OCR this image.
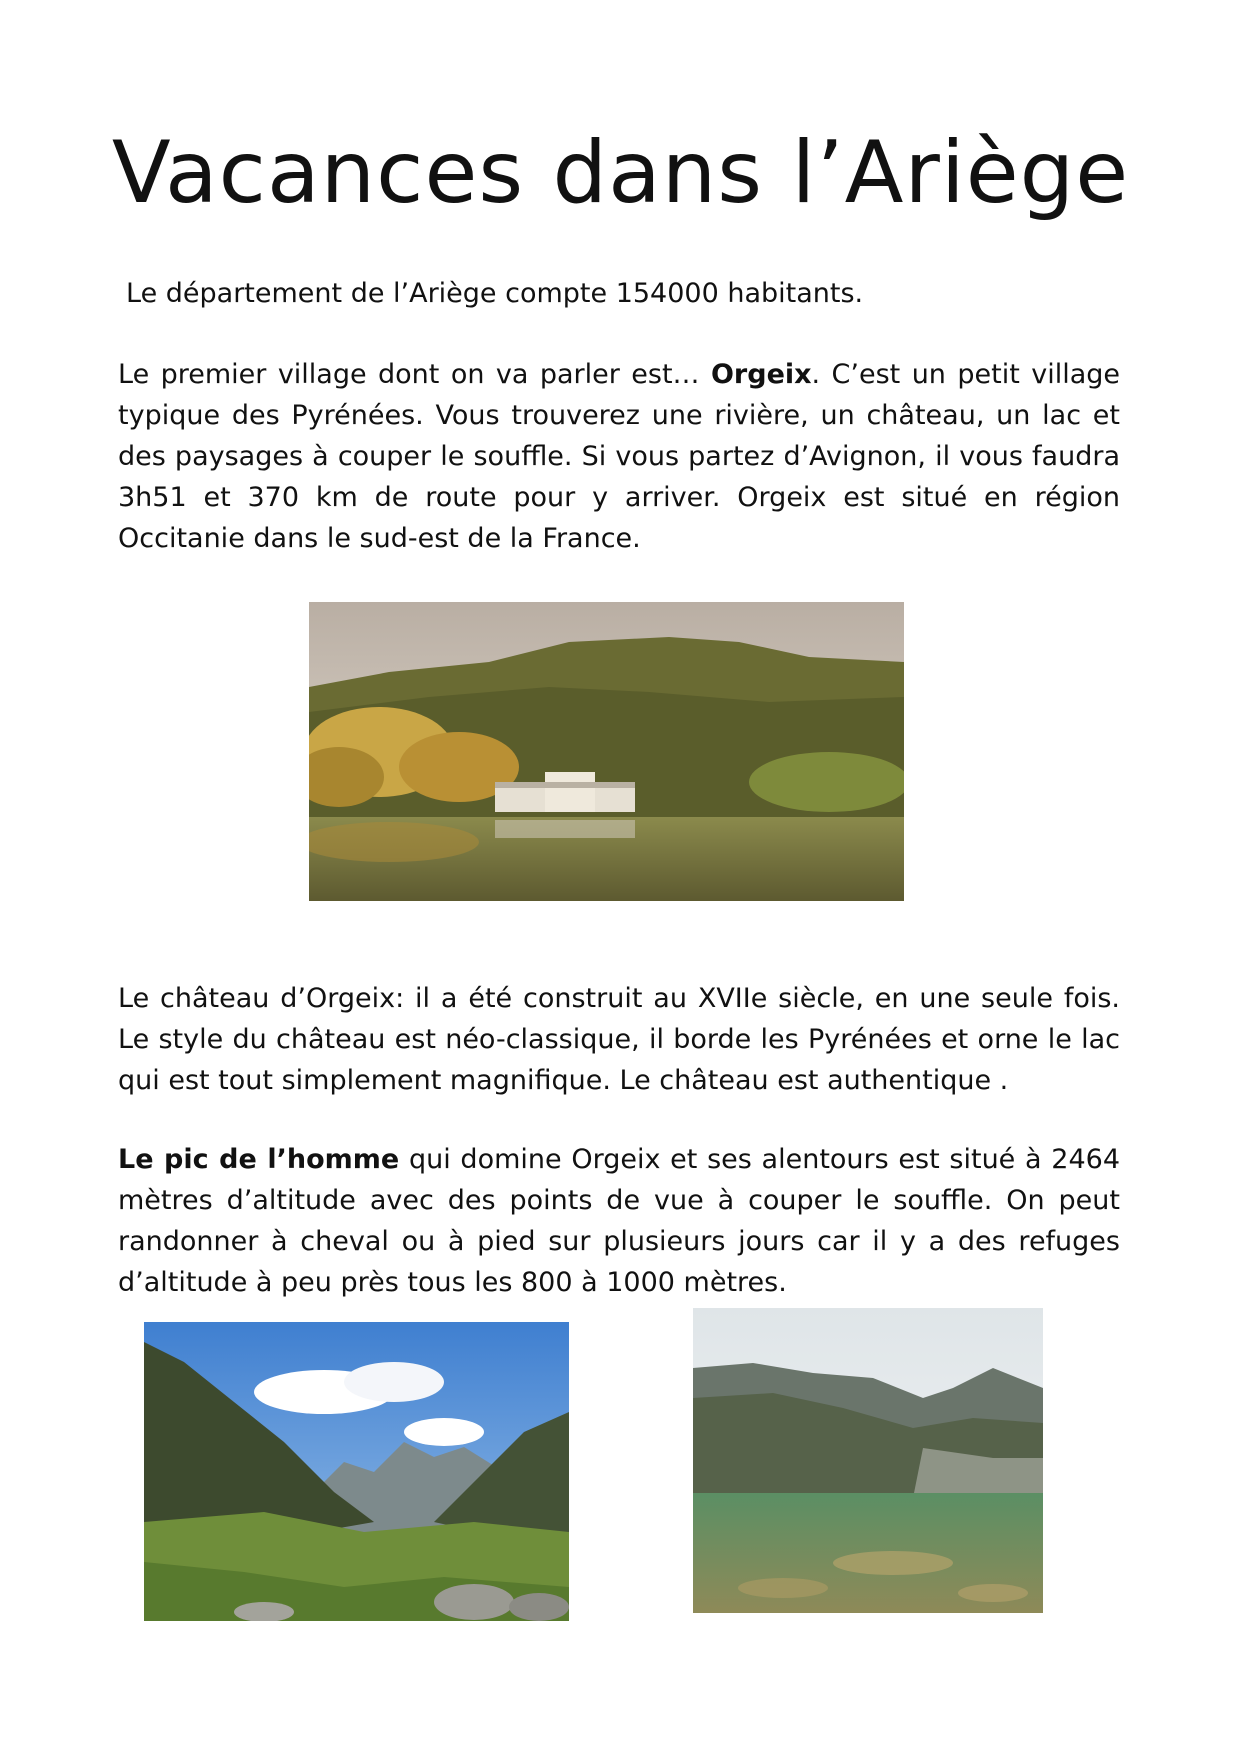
Vacances dans l’Ariège

Le département de l’Ariège compte 154000 habitants.

Le premier village dont on va parler est… Orgeix. C’est un petit village typique des Pyrénées. Vous trouverez une rivière, un château, un lac et des paysages à couper le souffle. Si vous partez d’Avignon, il vous faudra 3h51 et 370 km de route pour y arriver. Orgeix est situé en région Occitanie dans le sud-est de la France.

Le château d’Orgeix: il a été construit au XVIIe siècle, en une seule fois. Le style du château est néo-classique, il borde les Pyrénées et orne le lac qui est tout simplement magnifique. Le château est authentique .

Le pic de l’homme qui domine Orgeix et ses alentours est situé à 2464 mètres d’altitude avec des points de vue à couper le souffle. On peut randonner à cheval ou à pied sur plusieurs jours car il y a des refuges d’altitude à peu près tous les 800 à 1000 mètres.
